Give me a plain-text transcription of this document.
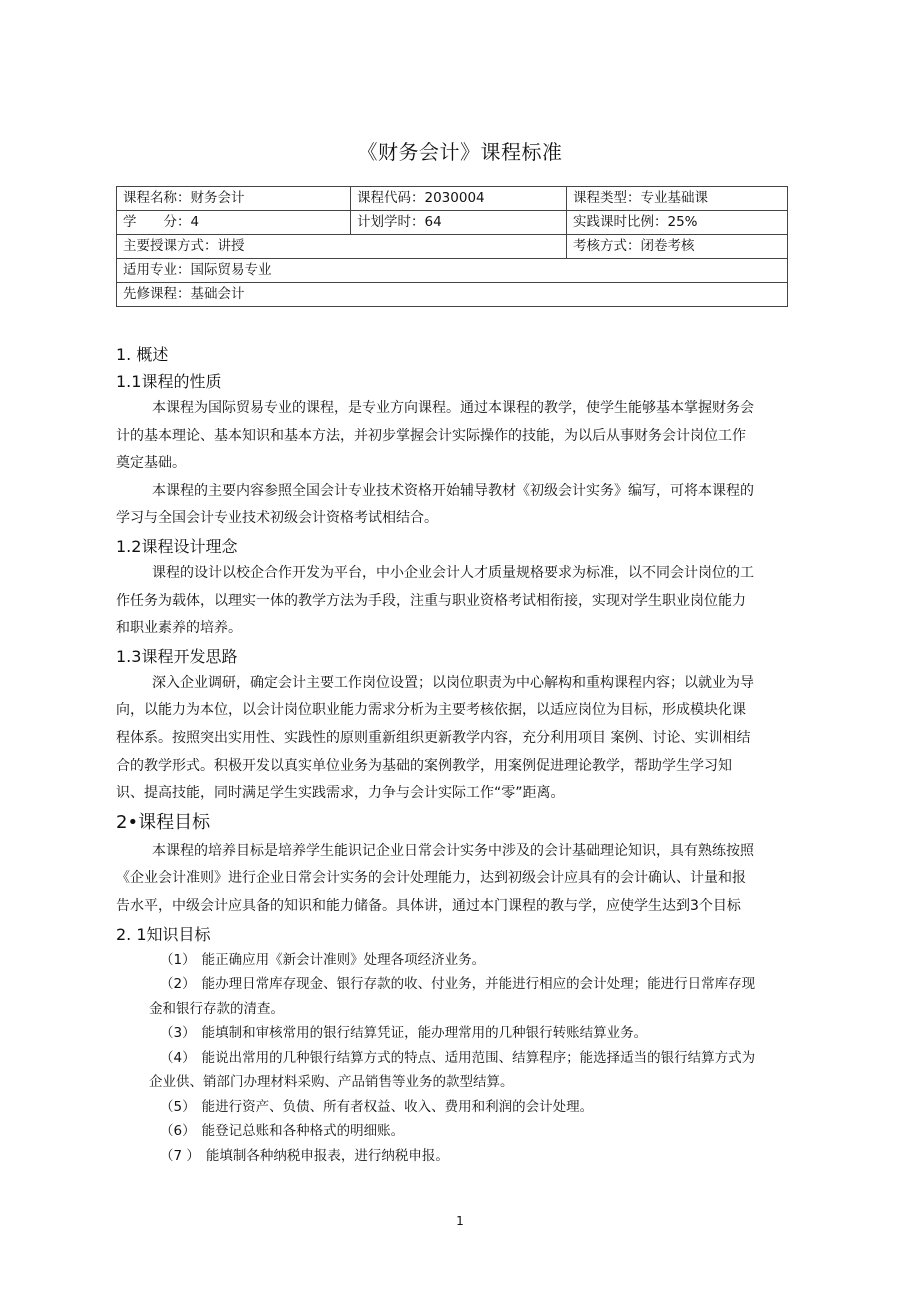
《财务会计》课程标准
课程名称：财务会计	课程代码：2030004	课程类型：专业基础课
学　　分：4	计划学时：64	实践课时比例：25%
主要授课方式：讲授		考核方式：闭卷考核
适用专业：国际贸易专业		
先修课程：基础会计		
1. 概述
1.1课程的性质

本课程为国际贸易专业的课程，是专业方向课程。通过本课程的教学，使学生能够基本掌握财务会计的基本理论、基本知识和基本方法，并初步掌握会计实际操作的技能，为以后从事财务会计岗位工作奠定基础。

本课程的主要内容参照全国会计专业技术资格开始辅导教材《初级会计实务》编写，可将本课程的学习与全国会计专业技术初级会计资格考试相结合。

1.2课程设计理念

课程的设计以校企合作开发为平台，中小企业会计人才质量规格要求为标准，以不同会计岗位的工作任务为载体，以理实一体的教学方法为手段，注重与职业资格考试相衔接，实现对学生职业岗位能力和职业素养的培养。

1.3课程开发思路

深入企业调研，确定会计主要工作岗位设置；以岗位职责为中心解构和重构课程内容；以就业为导向，以能力为本位，以会计岗位职业能力需求分析为主要考核依据，以适应岗位为目标，形成模块化课程体系。按照突出实用性、实践性的原则重新组织更新教学内容，充分利用项目 案例、讨论、实训相结合的教学形式。积极开发以真实单位业务为基础的案例教学，用案例促进理论教学，帮助学生学习知识、提高技能，同时满足学生实践需求，力争与会计实际工作“零”距离。

2•课程目标

本课程的培养目标是培养学生能识记企业日常会计实务中涉及的会计基础理论知识，具有熟练按照《企业会计准则》进行企业日常会计实务的会计处理能力，达到初级会计应具有的会计确认、计量和报告水平，中级会计应具备的知识和能力储备。具体讲，通过本门课程的教与学，应使学生达到3个目标

2. 1知识目标
（1） 能正确应用《新会计准则》处理各项经济业务。
（2） 能办理日常库存现金、银行存款的收、付业务，并能进行相应的会计处理；能进行日常库存现金和银行存款的清查。
（3） 能填制和审核常用的银行结算凭证，能办理常用的几种银行转账结算业务。
（4） 能说出常用的几种银行结算方式的特点、适用范围、结算程序；能选择适当的银行结算方式为企业供、销部门办理材料采购、产品销售等业务的款型结算。
（5） 能进行资产、负债、所有者权益、收入、费用和利润的会计处理。
（6） 能登记总账和各种格式的明细账。
（7 ） 能填制各种纳税申报表，进行纳税申报。
1
